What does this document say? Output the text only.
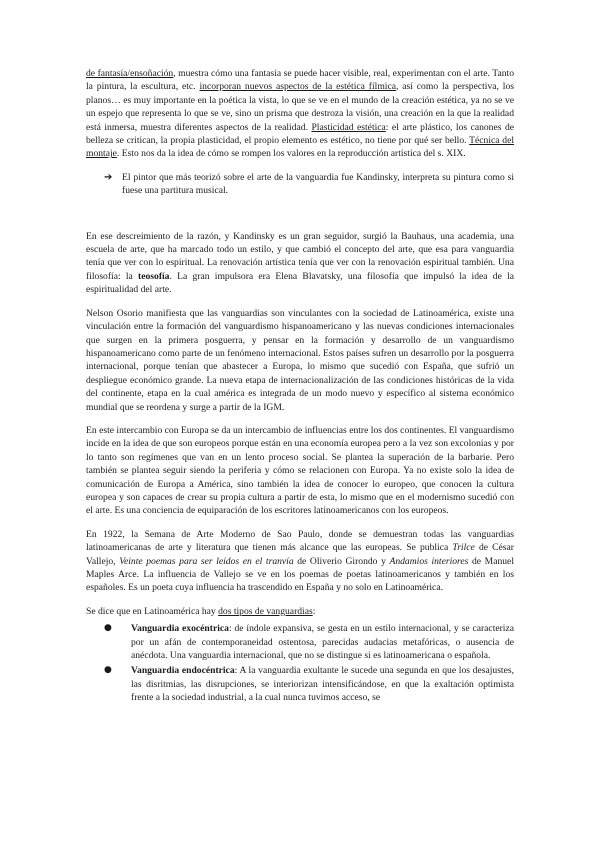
de fantasía/ensoñación, muestra cómo una fantasía se puede hacer visible, real, experimentan con el arte. Tanto la pintura, la escultura, etc. incorporan nuevos aspectos de la estética fílmica, así como la perspectiva, los planos… es muy importante en la poética la vista, lo que se ve en el mundo de la creación estética, ya no se ve un espejo que representa lo que se ve, sino un prisma que destroza la visión, una creación en la que la realidad está inmersa, muestra diferentes aspectos de la realidad. Plasticidad estética: el arte plástico, los canones de belleza se critican, la propia plasticidad, el propio elemento es estético, no tiene por qué ser bello. Técnica del montaje. Esto nos da la idea de cómo se rompen los valores en la reproducción artística del s. XIX.

➔	El pintor que más teorizó sobre el arte de la vanguardia fue Kandinsky, interpreta su pintura como si fuese una partitura musical.

En ese descreimiento de la razón, y Kandinsky es un gran seguidor, surgió la Bauhaus, una academia, una escuela de arte, que ha marcado todo un estilo, y que cambió el concepto del arte, que esa para vanguardia tenía que ver con lo espiritual. La renovación artística tenía que ver con la renovación espiritual también. Una filosofía: la teosofía. La gran impulsora era Elena Blavatsky, una filosofía que impulsó la idea de la espiritualidad del arte.

Nelson Osorio manifiesta que las vanguardias son vinculantes con la sociedad de Latinoamérica, existe una vinculación entre la formación del vanguardismo hispanoamericano y las nuevas condiciones internacionales que surgen en la primera posguerra, y pensar en la formación y desarrollo de un vanguardismo hispanoamericano como parte de un fenómeno internacional. Estos países sufren un desarrollo por la posguerra internacional, porque tenían que abastecer a Europa, lo mismo que sucedió con España, que sufrió un despliegue económico grande. La nueva etapa de internacionalización de las condiciones históricas de la vida del continente, etapa en la cual américa es integrada de un modo nuevo y específico al sistema económico mundial que se reordena y surge a partir de la IGM.

En este intercambio con Europa se da un intercambio de influencias entre los dos continentes. El vanguardismo incide en la idea de que son europeos porque están en una economía europea pero a la vez son excolonias y por lo tanto son regímenes que van en un lento proceso social. Se plantea la superación de la barbarie. Pero también se plantea seguir siendo la periferia y cómo se relacionen con Europa. Ya no existe solo la idea de comunicación de Europa a América, sino también la idea de conocer lo europeo, que conocen la cultura europea y son capaces de crear su propia cultura a partir de esta, lo mismo que en el modernismo sucedió con el arte. Es una conciencia de equiparación de los escritores latinoamericanos con los europeos.

En 1922, la Semana de Arte Moderno de Sao Paulo, donde se demuestran todas las vanguardias latinoamericanas de arte y literatura que tienen más alcance que las europeas. Se publica Trilce de César Vallejo, Veinte poemas para ser leídos en el tranvía de Oliverio Girondo y Andamios interiores de Manuel Maples Arce. La influencia de Vallejo se ve en los poemas de poetas latinoamericanos y también en los españoles. Es un poeta cuya influencia ha trascendido en España y no solo en Latinoamérica.

Se dice que en Latinoamérica hay dos tipos de vanguardias:

●	Vanguardia exocéntrica: de índole expansiva, se gesta en un estilo internacional, y se caracteriza por un afán de contemporaneidad ostentosa, parecidas audacias metafóricas, o ausencia de anécdota. Una vanguardia internacional, que no se distingue si es latinoamericana o española.
●	Vanguardia endocéntrica: A la vanguardia exultante le sucede una segunda en que los desajustes, las disritmias, las disrupciones, se interiorizan intensificándose, en que la exaltación optimista frente a la sociedad industrial, a la cual nunca tuvimos acceso, se
